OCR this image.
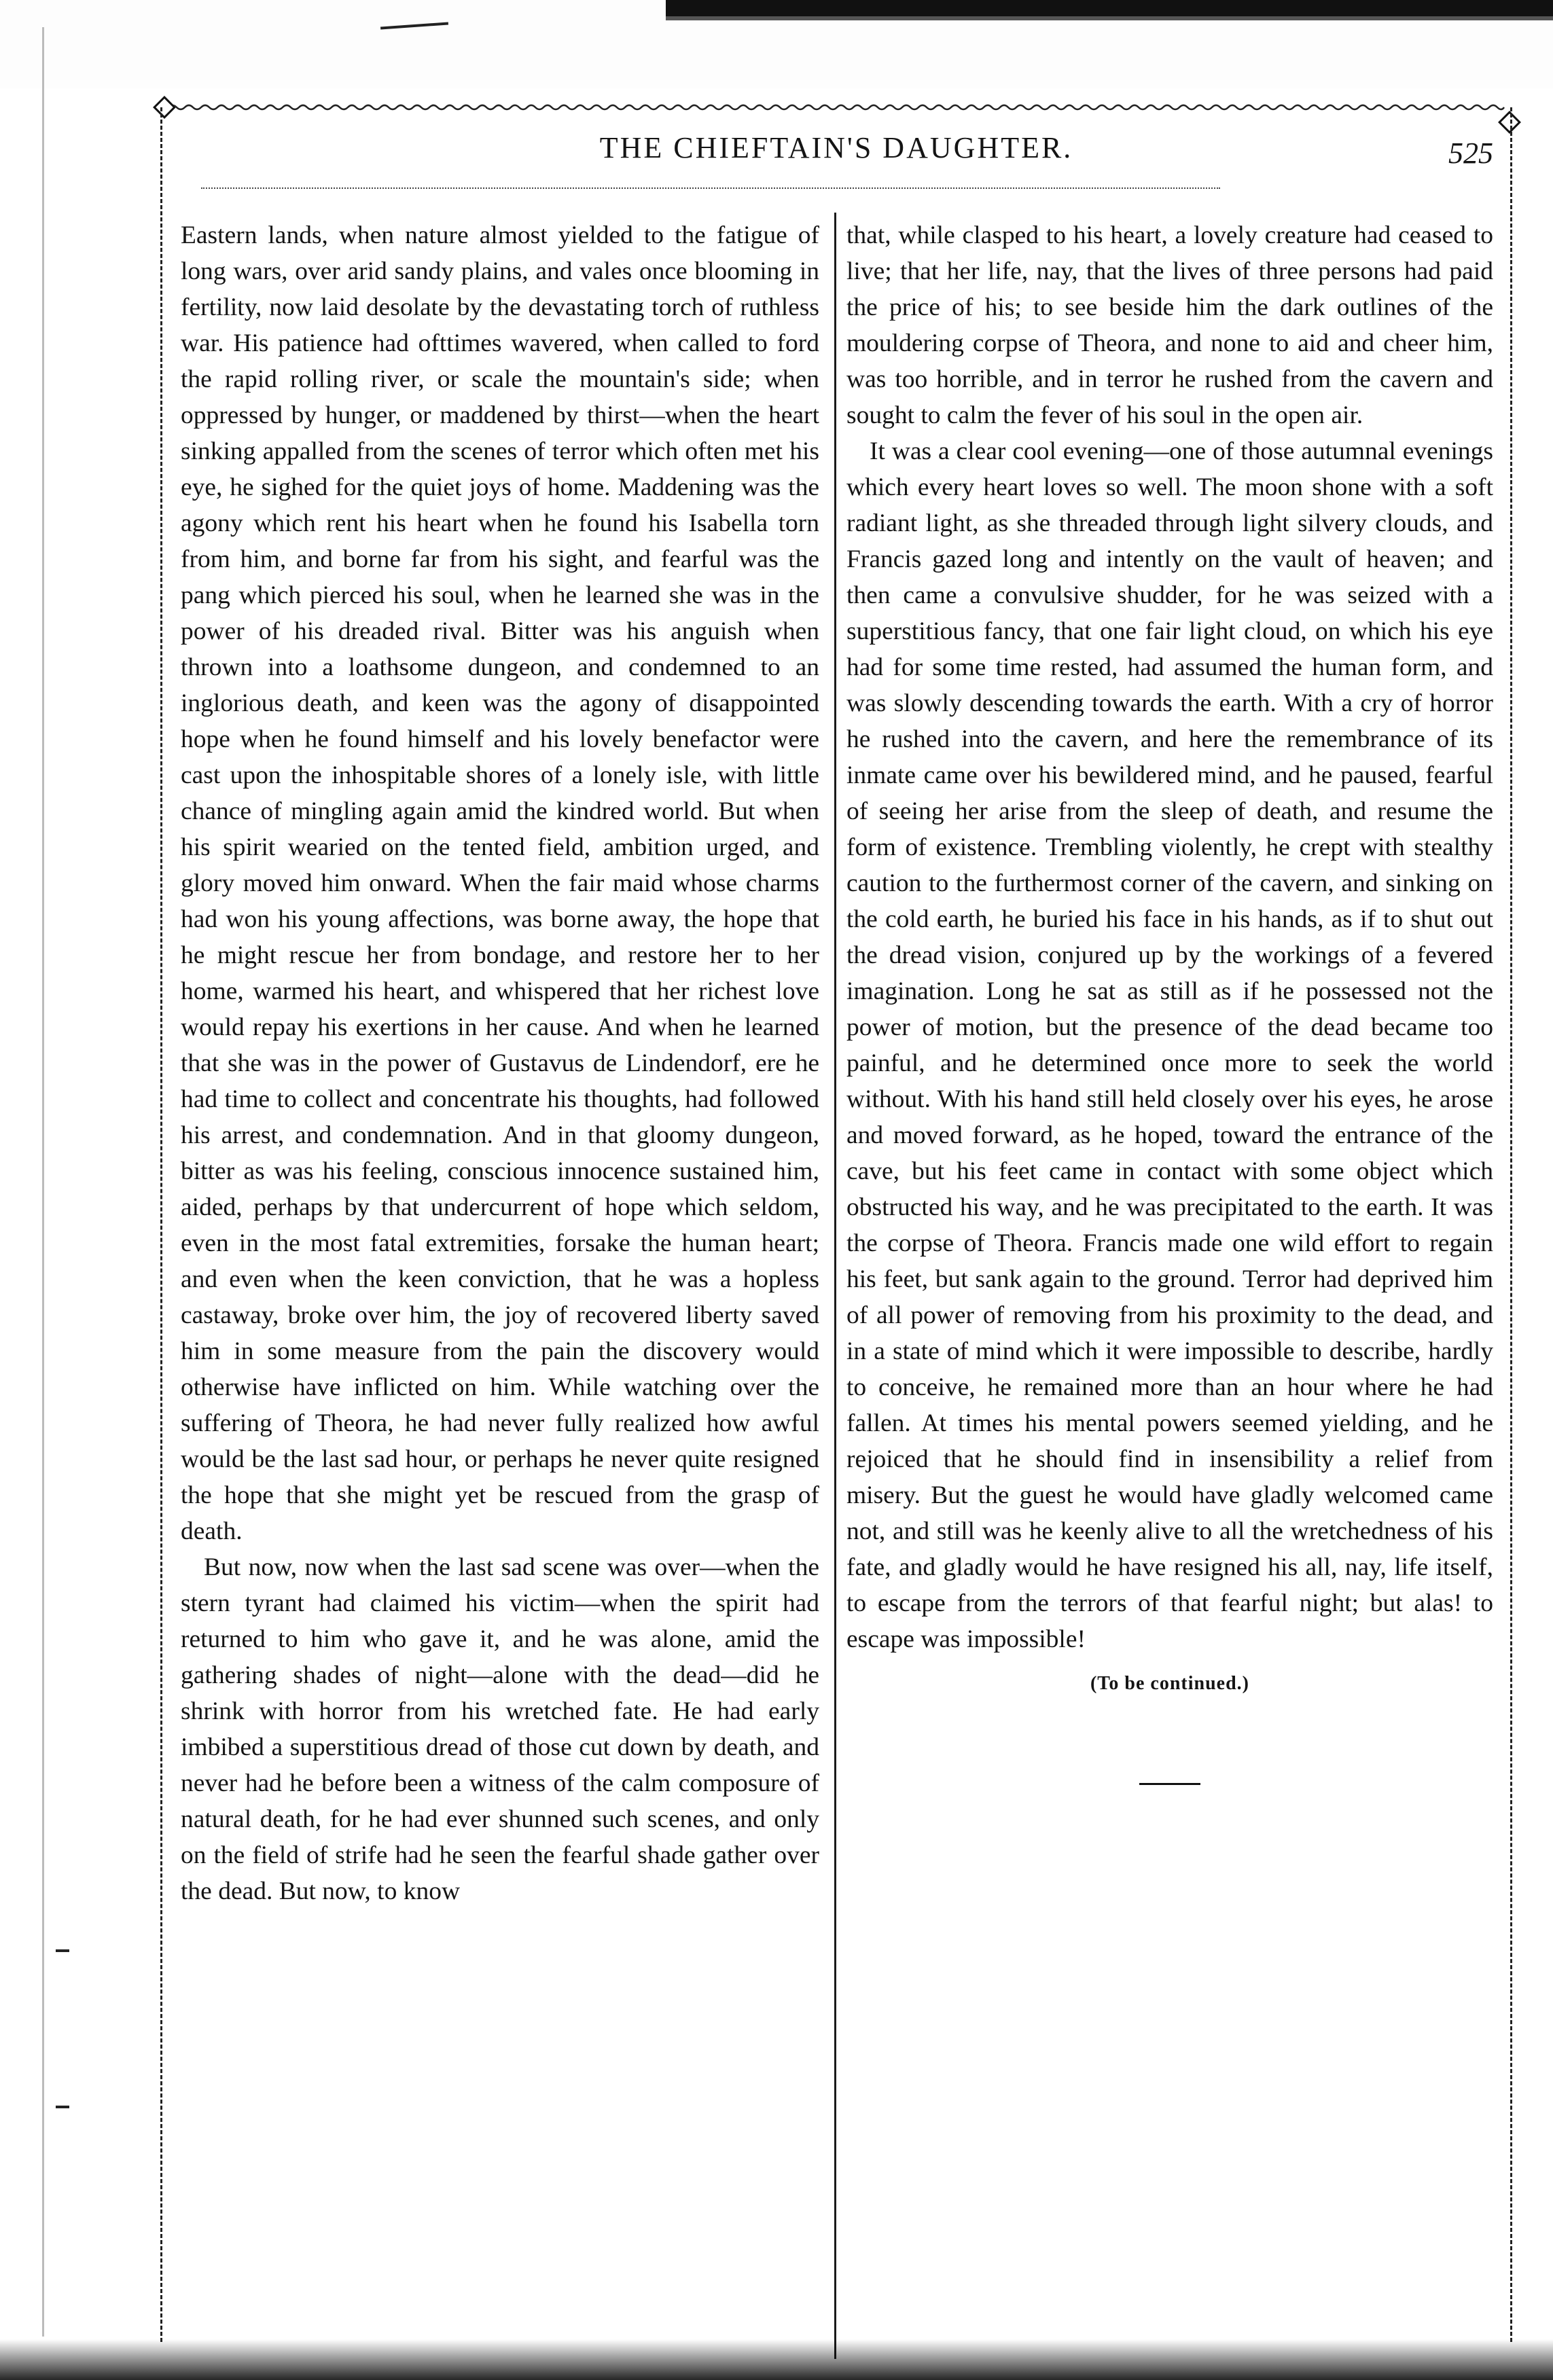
THE CHIEFTAIN'S DAUGHTER.	525

Eastern lands, when nature almost yielded to the fatigue of long wars, over arid sandy plains, and vales once blooming in fertility, now laid desolate by the devastating torch of ruthless war. His patience had ofttimes wavered, when called to ford the rapid rolling river, or scale the mountain's side; when oppressed by hunger, or maddened by thirst—when the heart sinking appalled from the scenes of terror which often met his eye, he sighed for the quiet joys of home. Maddening was the agony which rent his heart when he found his Isabella torn from him, and borne far from his sight, and fearful was the pang which pierced his soul, when he learned she was in the power of his dreaded rival. Bitter was his anguish when thrown into a loathsome dungeon, and condemned to an inglorious death, and keen was the agony of disappointed hope when he found himself and his lovely benefactor were cast upon the inhospitable shores of a lonely isle, with little chance of mingling again amid the kindred world. But when his spirit wearied on the tented field, ambition urged, and glory moved him onward. When the fair maid whose charms had won his young affections, was borne away, the hope that he might rescue her from bondage, and restore her to her home, warmed his heart, and whispered that her richest love would repay his exertions in her cause. And when he learned that she was in the power of Gustavus de Lindendorf, ere he had time to collect and concentrate his thoughts, had followed his arrest, and condemnation. And in that gloomy dungeon, bitter as was his feeling, conscious innocence sustained him, aided, perhaps by that undercurrent of hope which seldom, even in the most fatal extremities, forsake the human heart; and even when the keen conviction, that he was a hopless castaway, broke over him, the joy of recovered liberty saved him in some measure from the pain the discovery would otherwise have inflicted on him. While watching over the suffering of Theora, he had never fully realized how awful would be the last sad hour, or perhaps he never quite resigned the hope that she might yet be rescued from the grasp of death.

But now, now when the last sad scene was over—when the stern tyrant had claimed his victim—when the spirit had returned to him who gave it, and he was alone, amid the gathering shades of night—alone with the dead—did he shrink with horror from his wretched fate. He had early imbibed a superstitious dread of those cut down by death, and never had he before been a witness of the calm composure of natural death, for he had ever shunned such scenes, and only on the field of strife had he seen the fearful shade gather over the dead. But now, to know

that, while clasped to his heart, a lovely creature had ceased to live; that her life, nay, that the lives of three persons had paid the price of his; to see beside him the dark outlines of the mouldering corpse of Theora, and none to aid and cheer him, was too horrible, and in terror he rushed from the cavern and sought to calm the fever of his soul in the open air.

It was a clear cool evening—one of those autumnal evenings which every heart loves so well. The moon shone with a soft radiant light, as she threaded through light silvery clouds, and Francis gazed long and intently on the vault of heaven; and then came a convulsive shudder, for he was seized with a superstitious fancy, that one fair light cloud, on which his eye had for some time rested, had assumed the human form, and was slowly descending towards the earth. With a cry of horror he rushed into the cavern, and here the remembrance of its inmate came over his bewildered mind, and he paused, fearful of seeing her arise from the sleep of death, and resume the form of existence. Trembling violently, he crept with stealthy caution to the furthermost corner of the cavern, and sinking on the cold earth, he buried his face in his hands, as if to shut out the dread vision, conjured up by the workings of a fevered imagination. Long he sat as still as if he possessed not the power of motion, but the presence of the dead became too painful, and he determined once more to seek the world without. With his hand still held closely over his eyes, he arose and moved forward, as he hoped, toward the entrance of the cave, but his feet came in contact with some object which obstructed his way, and he was precipitated to the earth. It was the corpse of Theora. Francis made one wild effort to regain his feet, but sank again to the ground. Terror had deprived him of all power of removing from his proximity to the dead, and in a state of mind which it were impossible to describe, hardly to conceive, he remained more than an hour where he had fallen. At times his mental powers seemed yielding, and he rejoiced that he should find in insensibility a relief from misery. But the guest he would have gladly welcomed came not, and still was he keenly alive to all the wretchedness of his fate, and gladly would he have resigned his all, nay, life itself, to escape from the terrors of that fearful night; but alas! to escape was impossible!

(To be continued.)
